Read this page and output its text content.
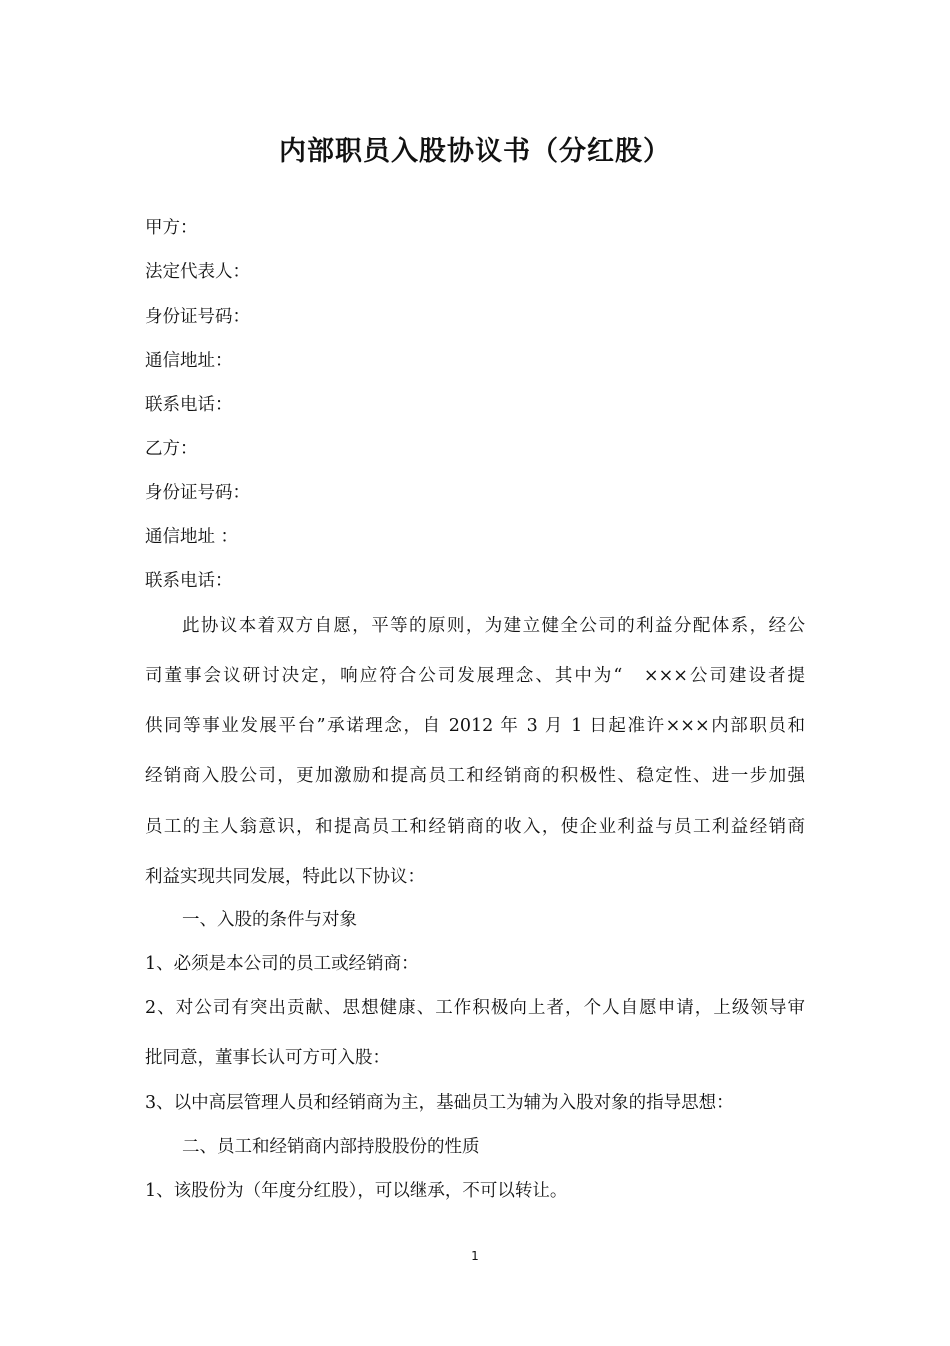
内部职员入股协议书（分红股）
甲方：
法定代表人：
身份证号码：
通信地址：
联系电话：
乙方：
身份证号码：
通信地址 ：
联系电话：
此协议本着双方自愿，平等的原则，为建立健全公司的利益分配体系，经公
司董事会议研讨决定，响应符合公司发展理念、其中为“　×××公司建设者提
供同等事业发展平台”承诺理念，自 2012 年 3 月 1 日起准许×××内部职员和
经销商入股公司，更加激励和提高员工和经销商的积极性、稳定性、进一步加强
员工的主人翁意识，和提高员工和经销商的收入，使企业利益与员工利益经销商
利益实现共同发展，特此以下协议：
一、入股的条件与对象
1、必须是本公司的员工或经销商：
2、对公司有突出贡献、思想健康、工作积极向上者，个人自愿申请，上级领导审
批同意，董事长认可方可入股：
3、以中高层管理人员和经销商为主，基础员工为辅为入股对象的指导思想：
二、员工和经销商内部持股股份的性质
1、该股份为（年度分红股），可以继承，不可以转让。
1
